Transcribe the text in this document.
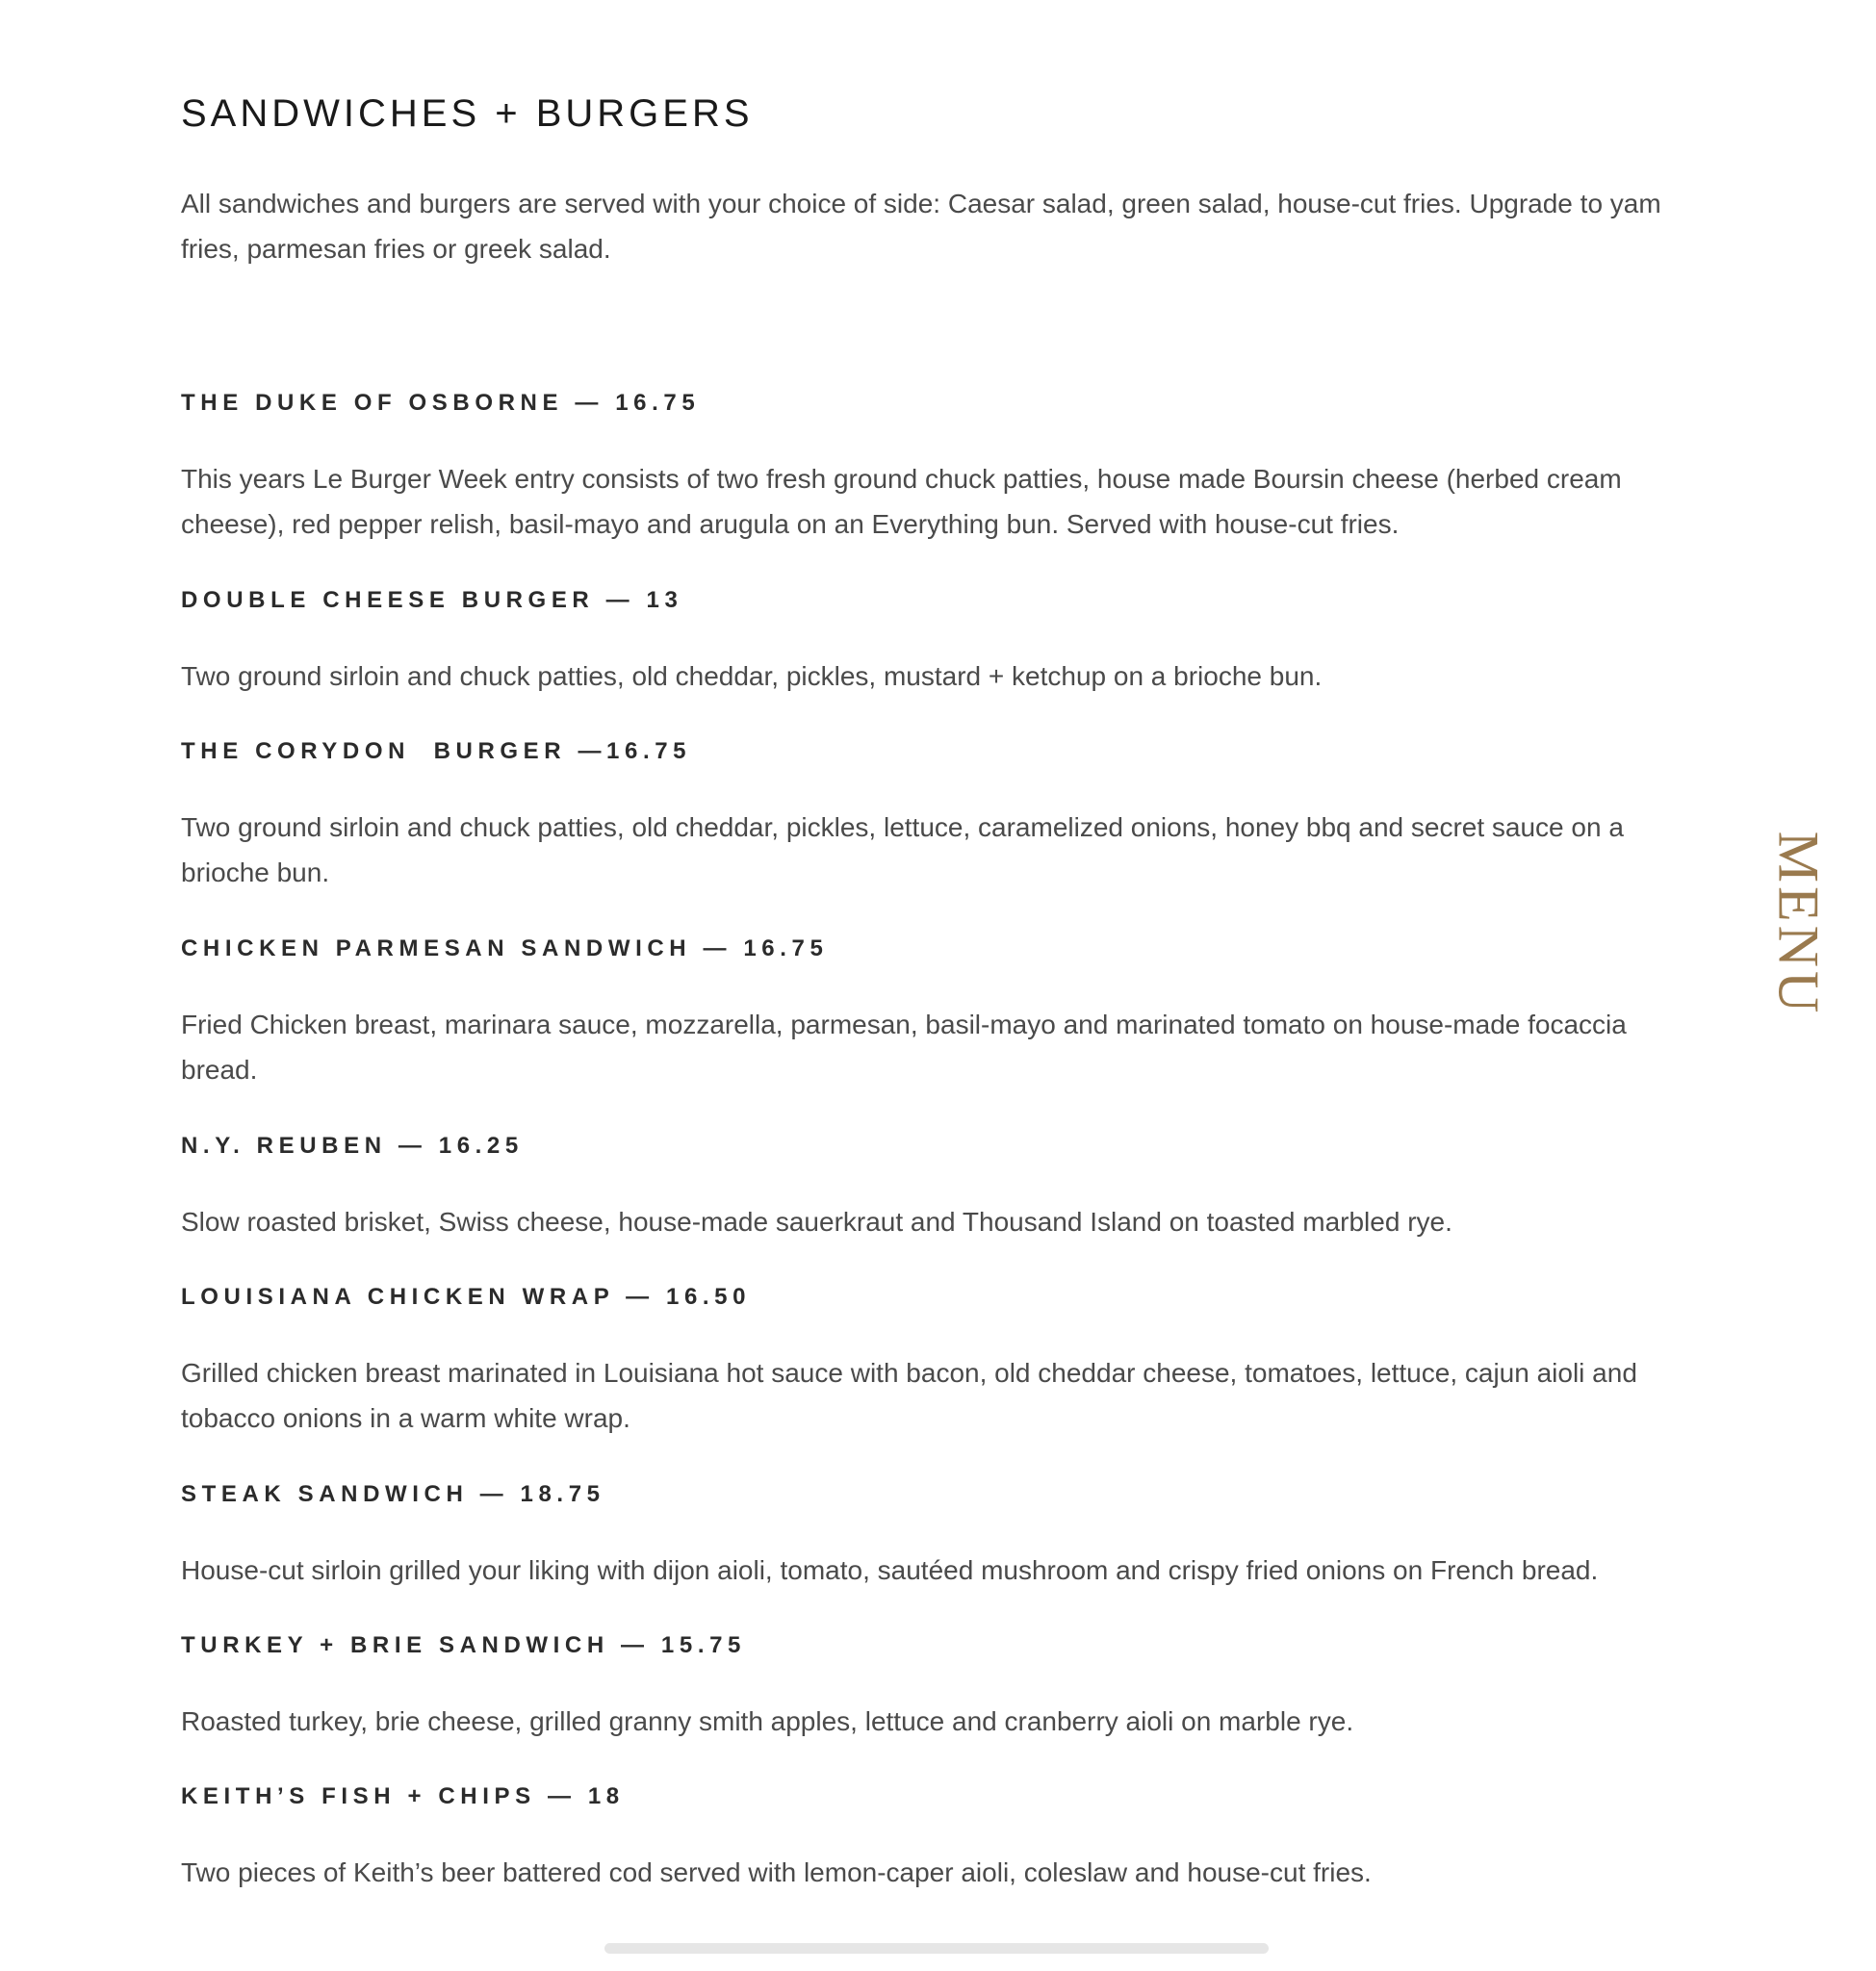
SANDWICHES + BURGERS

All sandwiches and burgers are served with your choice of side: Caesar salad, green salad, house-cut fries. Upgrade to yam fries, parmesan fries or greek salad.

THE DUKE OF OSBORNE — 16.75

This years Le Burger Week entry consists of two fresh ground chuck patties, house made Boursin cheese (herbed cream cheese), red pepper relish, basil-mayo and arugula on an Everything bun. Served with house-cut fries.

DOUBLE CHEESE BURGER — 13

Two ground sirloin and chuck patties, old cheddar, pickles, mustard + ketchup on a brioche bun.

THE CORYDON  BURGER —16.75

Two ground sirloin and chuck patties, old cheddar, pickles, lettuce, caramelized onions, honey bbq and secret sauce on a brioche bun.

CHICKEN PARMESAN SANDWICH — 16.75

Fried Chicken breast, marinara sauce, mozzarella, parmesan, basil-mayo and marinated tomato on house-made focaccia bread.

N.Y. REUBEN — 16.25

Slow roasted brisket, Swiss cheese, house-made sauerkraut and Thousand Island on toasted marbled rye.

LOUISIANA CHICKEN WRAP — 16.50

Grilled chicken breast marinated in Louisiana hot sauce with bacon, old cheddar cheese, tomatoes, lettuce, cajun aioli and tobacco onions in a warm white wrap.

STEAK SANDWICH — 18.75

House-cut sirloin grilled your liking with dijon aioli, tomato, sautéed mushroom and crispy fried onions on French bread.

TURKEY + BRIE SANDWICH — 15.75

Roasted turkey, brie cheese, grilled granny smith apples, lettuce and cranberry aioli on marble rye.

KEITH’S FISH + CHIPS — 18

Two pieces of Keith’s beer battered cod served with lemon-caper aioli, coleslaw and house-cut fries.

MENU
